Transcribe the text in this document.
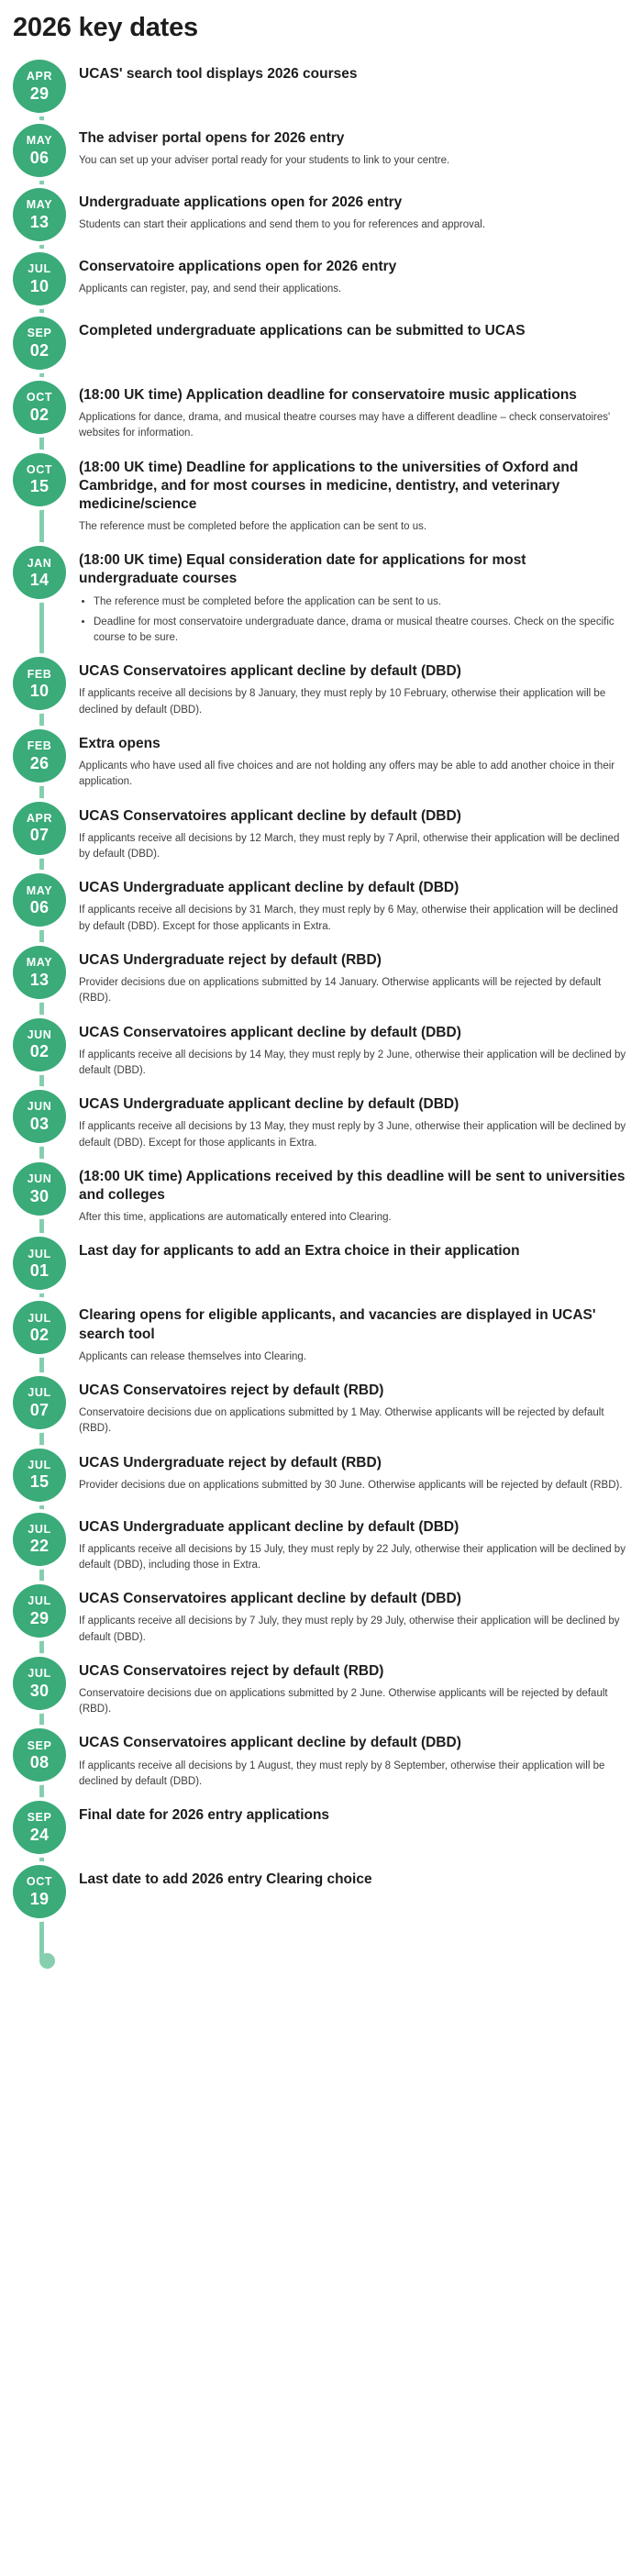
2026 key dates
APR
29

UCAS' search tool displays 2026 courses

MAY
06

The adviser portal opens for 2026 entry

You can set up your adviser portal ready for your students to link to your centre.

MAY
13

Undergraduate applications open for 2026 entry

Students can start their applications and send them to you for references and approval.

JUL
10

Conservatoire applications open for 2026 entry

Applicants can register, pay, and send their applications.

SEP
02

Completed undergraduate applications can be submitted to UCAS

OCT
02

(18:00 UK time) Application deadline for conservatoire music applications

Applications for dance, drama, and musical theatre courses may have a different deadline – check conservatoires' websites for information.

OCT
15

(18:00 UK time) Deadline for applications to the universities of Oxford and Cambridge, and for most courses in medicine, dentistry, and veterinary medicine/science

The reference must be completed before the application can be sent to us.

JAN
14

(18:00 UK time) Equal consideration date for applications for most undergraduate courses

• The reference must be completed before the application can be sent to us.
• Deadline for most conservatoire undergraduate dance, drama or musical theatre courses. Check on the specific course to be sure.
FEB
10

UCAS Conservatoires applicant decline by default (DBD)

If applicants receive all decisions by 8 January, they must reply by 10 February, otherwise their application will be declined by default (DBD).

FEB
26

Extra opens

Applicants who have used all five choices and are not holding any offers may be able to add another choice in their application.

APR
07

UCAS Conservatoires applicant decline by default (DBD)

If applicants receive all decisions by 12 March, they must reply by 7 April, otherwise their application will be declined by default (DBD).

MAY
06

UCAS Undergraduate applicant decline by default (DBD)

If applicants receive all decisions by 31 March, they must reply by 6 May, otherwise their application will be declined by default (DBD). Except for those applicants in Extra.

MAY
13

UCAS Undergraduate reject by default (RBD)

Provider decisions due on applications submitted by 14 January. Otherwise applicants will be rejected by default (RBD).

JUN
02

UCAS Conservatoires applicant decline by default (DBD)

If applicants receive all decisions by 14 May, they must reply by 2 June, otherwise their application will be declined by default (DBD).

JUN
03

UCAS Undergraduate applicant decline by default (DBD)

If applicants receive all decisions by 13 May, they must reply by 3 June, otherwise their application will be declined by default (DBD). Except for those applicants in Extra.

JUN
30

(18:00 UK time) Applications received by this deadline will be sent to universities and colleges

After this time, applications are automatically entered into Clearing.

JUL
01

Last day for applicants to add an Extra choice in their application

JUL
02

Clearing opens for eligible applicants, and vacancies are displayed in UCAS' search tool

Applicants can release themselves into Clearing.

JUL
07

UCAS Conservatoires reject by default (RBD)

Conservatoire decisions due on applications submitted by 1 May. Otherwise applicants will be rejected by default (RBD).

JUL
15

UCAS Undergraduate reject by default (RBD)

Provider decisions due on applications submitted by 30 June. Otherwise applicants will be rejected by default (RBD).

JUL
22

UCAS Undergraduate applicant decline by default (DBD)

If applicants receive all decisions by 15 July, they must reply by 22 July, otherwise their application will be declined by default (DBD), including those in Extra.

JUL
29

UCAS Conservatoires applicant decline by default (DBD)

If applicants receive all decisions by 7 July, they must reply by 29 July, otherwise their application will be declined by default (DBD).

JUL
30

UCAS Conservatoires reject by default (RBD)

Conservatoire decisions due on applications submitted by 2 June. Otherwise applicants will be rejected by default (RBD).

SEP
08

UCAS Conservatoires applicant decline by default (DBD)

If applicants receive all decisions by 1 August, they must reply by 8 September, otherwise their application will be declined by default (DBD).

SEP
24

Final date for 2026 entry applications

OCT
19

Last date to add 2026 entry Clearing choice
